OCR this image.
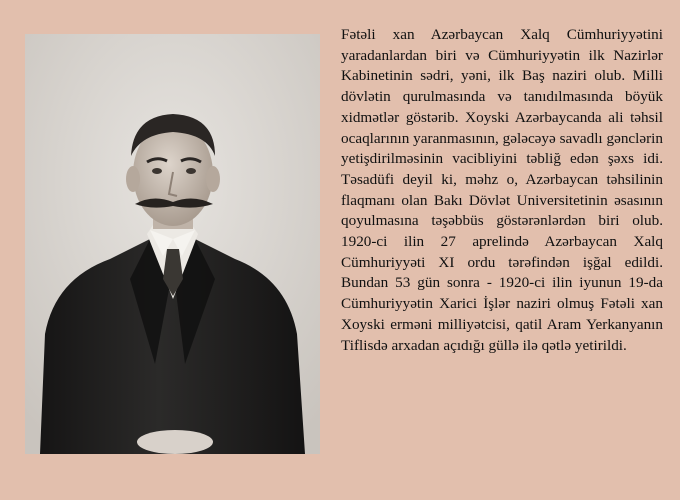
Fətəli xan Azərbaycan Xalq Cümhuriyyətini yaradanlardan biri və Cümhuriyyətin ilk Nazirlər Kabinetinin sədri, yəni, ilk Baş naziri olub. Milli dövlətin qurulmasında və tanıdılmasında böyük xidmətlər göstərib. Xoyski Azərbaycanda ali təhsil ocaqlarının yaranmasının, gələcəyə savadlı gənclərin yetişdirilməsinin vacibliyini təbliğ edən şəxs idi. Təsadüfi deyil ki, məhz o, Azərbaycan təhsilinin flaqmanı olan Bakı Dövlət Universitetinin əsasının qoyulmasına təşəbbüs göstərənlərdən biri olub. 1920-ci ilin 27 aprelində Azərbaycan Xalq Cümhuriyyəti XI ordu tərəfindən işğal edildi. Bundan 53 gün sonra - 1920-ci ilin iyunun 19-da Cümhuriyyətin Xarici İşlər naziri olmuş Fətəli xan Xoyski erməni milliyətcisi, qatil Aram Yerkanyanın Tiflisdə arxadan açıdığı güllə ilə qətlə yetirildi.
